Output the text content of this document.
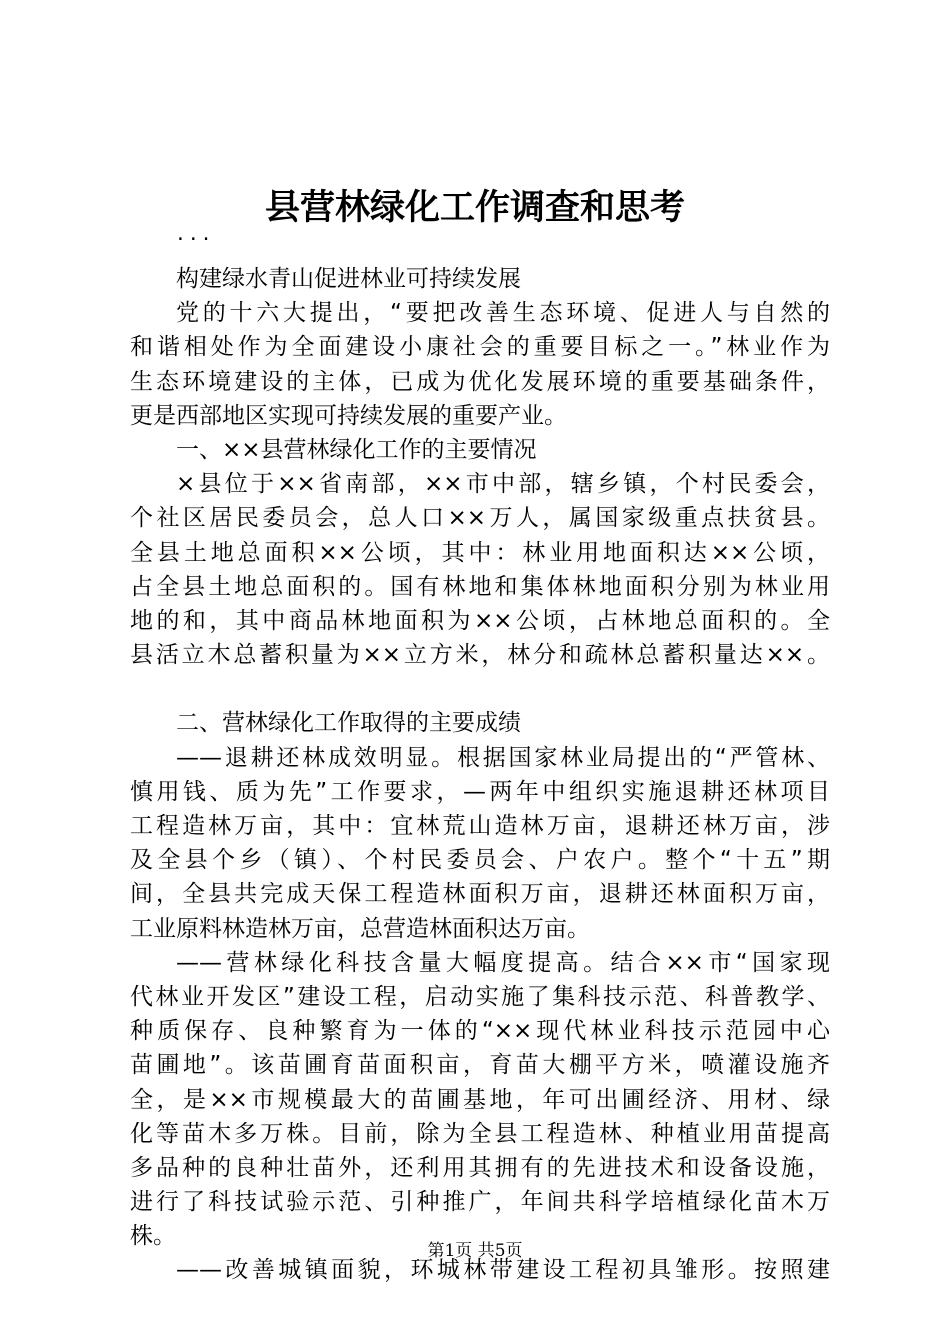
县营林绿化工作调查和思考
...
构建绿水青山促进林业可持续发展
党的十六大提出，“要把改善生态环境、促进人与自然的
和谐相处作为全面建设小康社会的重要目标之一。”林业作为
生态环境建设的主体，已成为优化发展环境的重要基础条件，
更是西部地区实现可持续发展的重要产业。
一、××县营林绿化工作的主要情况
×县位于××省南部，××市中部，辖乡镇，个村民委会，
个社区居民委员会，总人口××万人，属国家级重点扶贫县。
全县土地总面积××公顷，其中：林业用地面积达××公顷，
占全县土地总面积的。国有林地和集体林地面积分别为林业用
地的和，其中商品林地面积为××公顷，占林地总面积的。全
县活立木总蓄积量为××立方米，林分和疏林总蓄积量达××。
二、营林绿化工作取得的主要成绩
——退耕还林成效明显。根据国家林业局提出的“严管林、
慎用钱、质为先”工作要求，—两年中组织实施退耕还林项目
工程造林万亩，其中：宜林荒山造林万亩，退耕还林万亩，涉
及全县个乡（镇）、个村民委员会、户农户。整个“十五”期
间，全县共完成天保工程造林面积万亩，退耕还林面积万亩，
工业原料林造林万亩，总营造林面积达万亩。
——营林绿化科技含量大幅度提高。结合××市“国家现
代林业开发区”建设工程，启动实施了集科技示范、科普教学、
种质保存、良种繁育为一体的“××现代林业科技示范园中心
苗圃地”。该苗圃育苗面积亩，育苗大棚平方米，喷灌设施齐
全，是××市规模最大的苗圃基地，年可出圃经济、用材、绿
化等苗木多万株。目前，除为全县工程造林、种植业用苗提高
多品种的良种壮苗外，还利用其拥有的先进技术和设备设施，
进行了科技试验示范、引种推广，年间共科学培植绿化苗木万
株。
——改善城镇面貌，环城林带建设工程初具雏形。按照建
第1页 共5页
